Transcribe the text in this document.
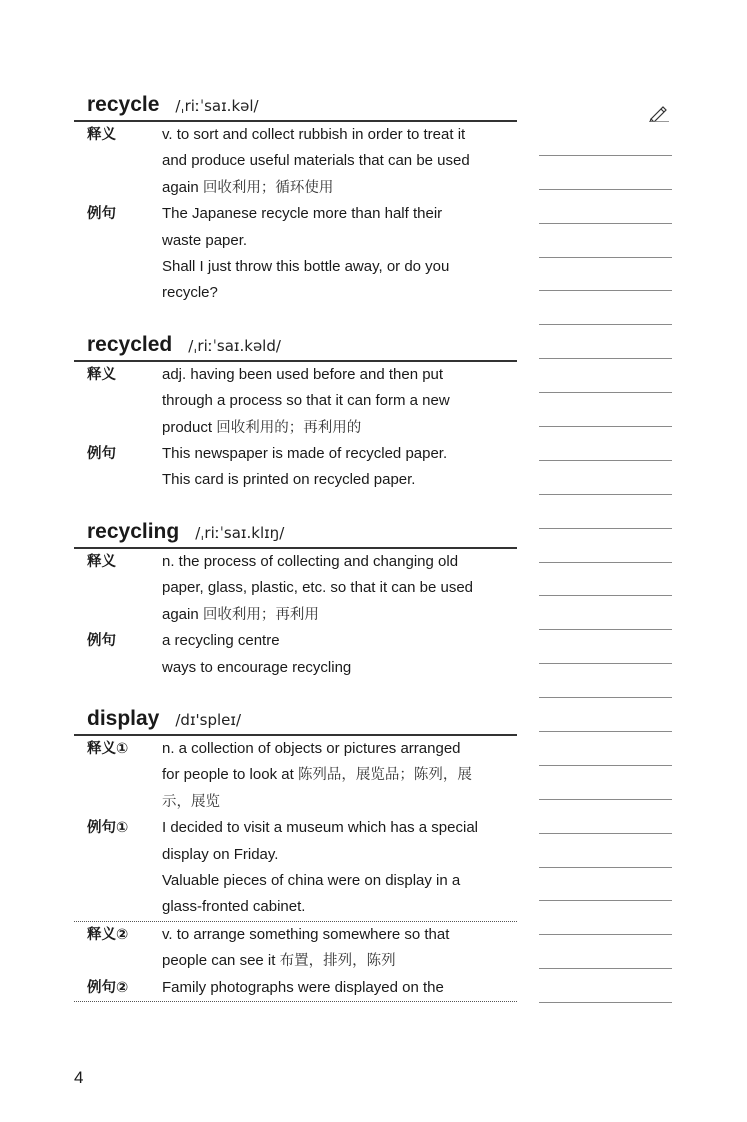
recycle /ˌriːˈsaɪ.kəl/
释义	v. to sort and collect rubbish in order to treat it
and produce useful materials that can be used
again 回收利用；循环使用
例句	The Japanese recycle more than half their
waste paper.
Shall I just throw this bottle away, or do you
recycle?
recycled /ˌriːˈsaɪ.kəld/
释义	adj. having been used before and then put
through a process so that it can form a new
product 回收利用的；再利用的
例句	This newspaper is made of recycled paper.
This card is printed on recycled paper.
recycling /ˌriːˈsaɪ.klɪŋ/
释义	n. the process of collecting and changing old
paper, glass, plastic, etc. so that it can be used
again 回收利用；再利用
例句	a recycling centre
ways to encourage recycling
display /dɪ'spleɪ/
释义①	n. a collection of objects or pictures arranged
for people to look at 陈列品，展览品；陈列，展
示，展览
例句①	I decided to visit a museum which has a special
display on Friday.
Valuable pieces of china were on display in a
glass-fronted cabinet.
释义②	v. to arrange something somewhere so that
people can see it 布置，排列，陈列
例句②	Family photographs were displayed on the
4
